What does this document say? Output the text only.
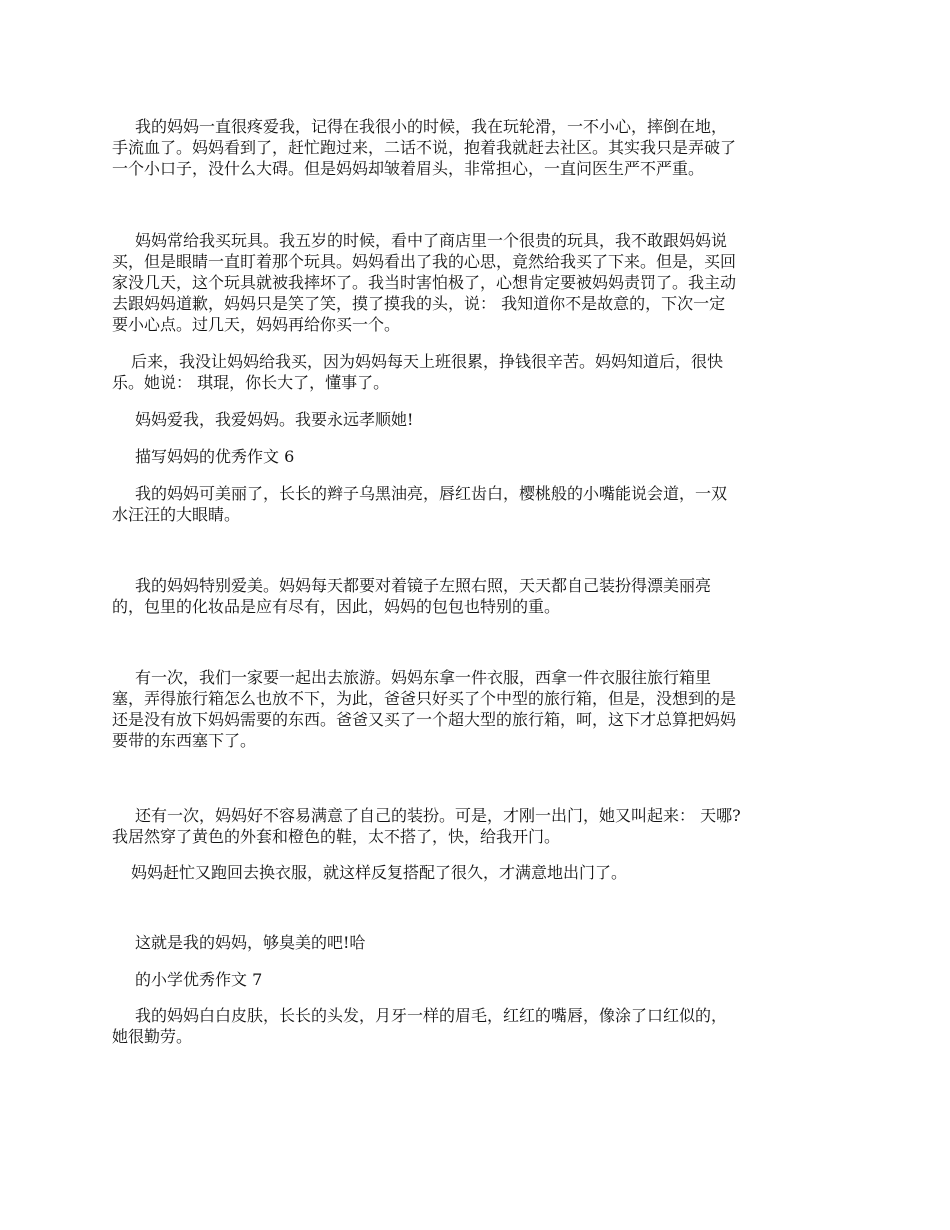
我的妈妈一直很疼爱我，记得在我很小的时候，我在玩轮滑，一不小心，摔倒在地，
手流血了。妈妈看到了，赶忙跑过来，二话不说，抱着我就赶去社区。其实我只是弄破了
一个小口子，没什么大碍。但是妈妈却皱着眉头，非常担心，一直问医生严不严重。
妈妈常给我买玩具。我五岁的时候，看中了商店里一个很贵的玩具，我不敢跟妈妈说
买，但是眼睛一直盯着那个玩具。妈妈看出了我的心思，竟然给我买了下来。但是，买回
家没几天，这个玩具就被我摔坏了。我当时害怕极了，心想肯定要被妈妈责罚了。我主动
去跟妈妈道歉，妈妈只是笑了笑，摸了摸我的头，说： 我知道你不是故意的，下次一定
要小心点。过几天，妈妈再给你买一个。
后来，我没让妈妈给我买，因为妈妈每天上班很累，挣钱很辛苦。妈妈知道后，很快
乐。她说： 琪琨，你长大了，懂事了。
妈妈爱我，我爱妈妈。我要永远孝顺她!
描写妈妈的优秀作文 6
我的妈妈可美丽了，长长的辫子乌黑油亮，唇红齿白，樱桃般的小嘴能说会道，一双
水汪汪的大眼睛。
我的妈妈特别爱美。妈妈每天都要对着镜子左照右照，天天都自己装扮得漂美丽亮
的，包里的化妆品是应有尽有，因此，妈妈的包包也特别的重。
有一次，我们一家要一起出去旅游。妈妈东拿一件衣服，西拿一件衣服往旅行箱里
塞，弄得旅行箱怎么也放不下，为此，爸爸只好买了个中型的旅行箱，但是，没想到的是
还是没有放下妈妈需要的东西。爸爸又买了一个超大型的旅行箱，呵，这下才总算把妈妈
要带的东西塞下了。
还有一次，妈妈好不容易满意了自己的装扮。可是，才刚一出门，她又叫起来： 天哪?
我居然穿了黄色的外套和橙色的鞋，太不搭了，快，给我开门。
妈妈赶忙又跑回去换衣服，就这样反复搭配了很久，才满意地出门了。
这就是我的妈妈，够臭美的吧!哈
的小学优秀作文 7
我的妈妈白白皮肤，长长的头发，月牙一样的眉毛，红红的嘴唇，像涂了口红似的，
她很勤劳。
